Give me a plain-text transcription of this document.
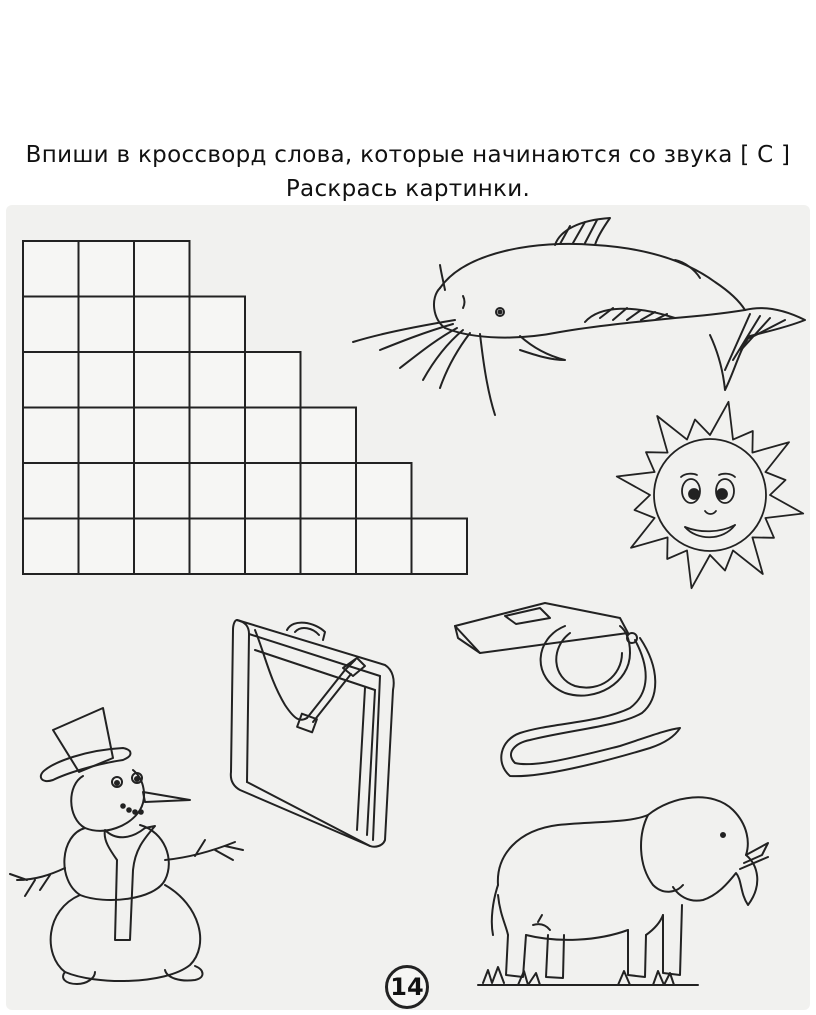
Впиши в кроссворд слова, которые начинаются со звука [ С ]
Раскрась картинки.
14
